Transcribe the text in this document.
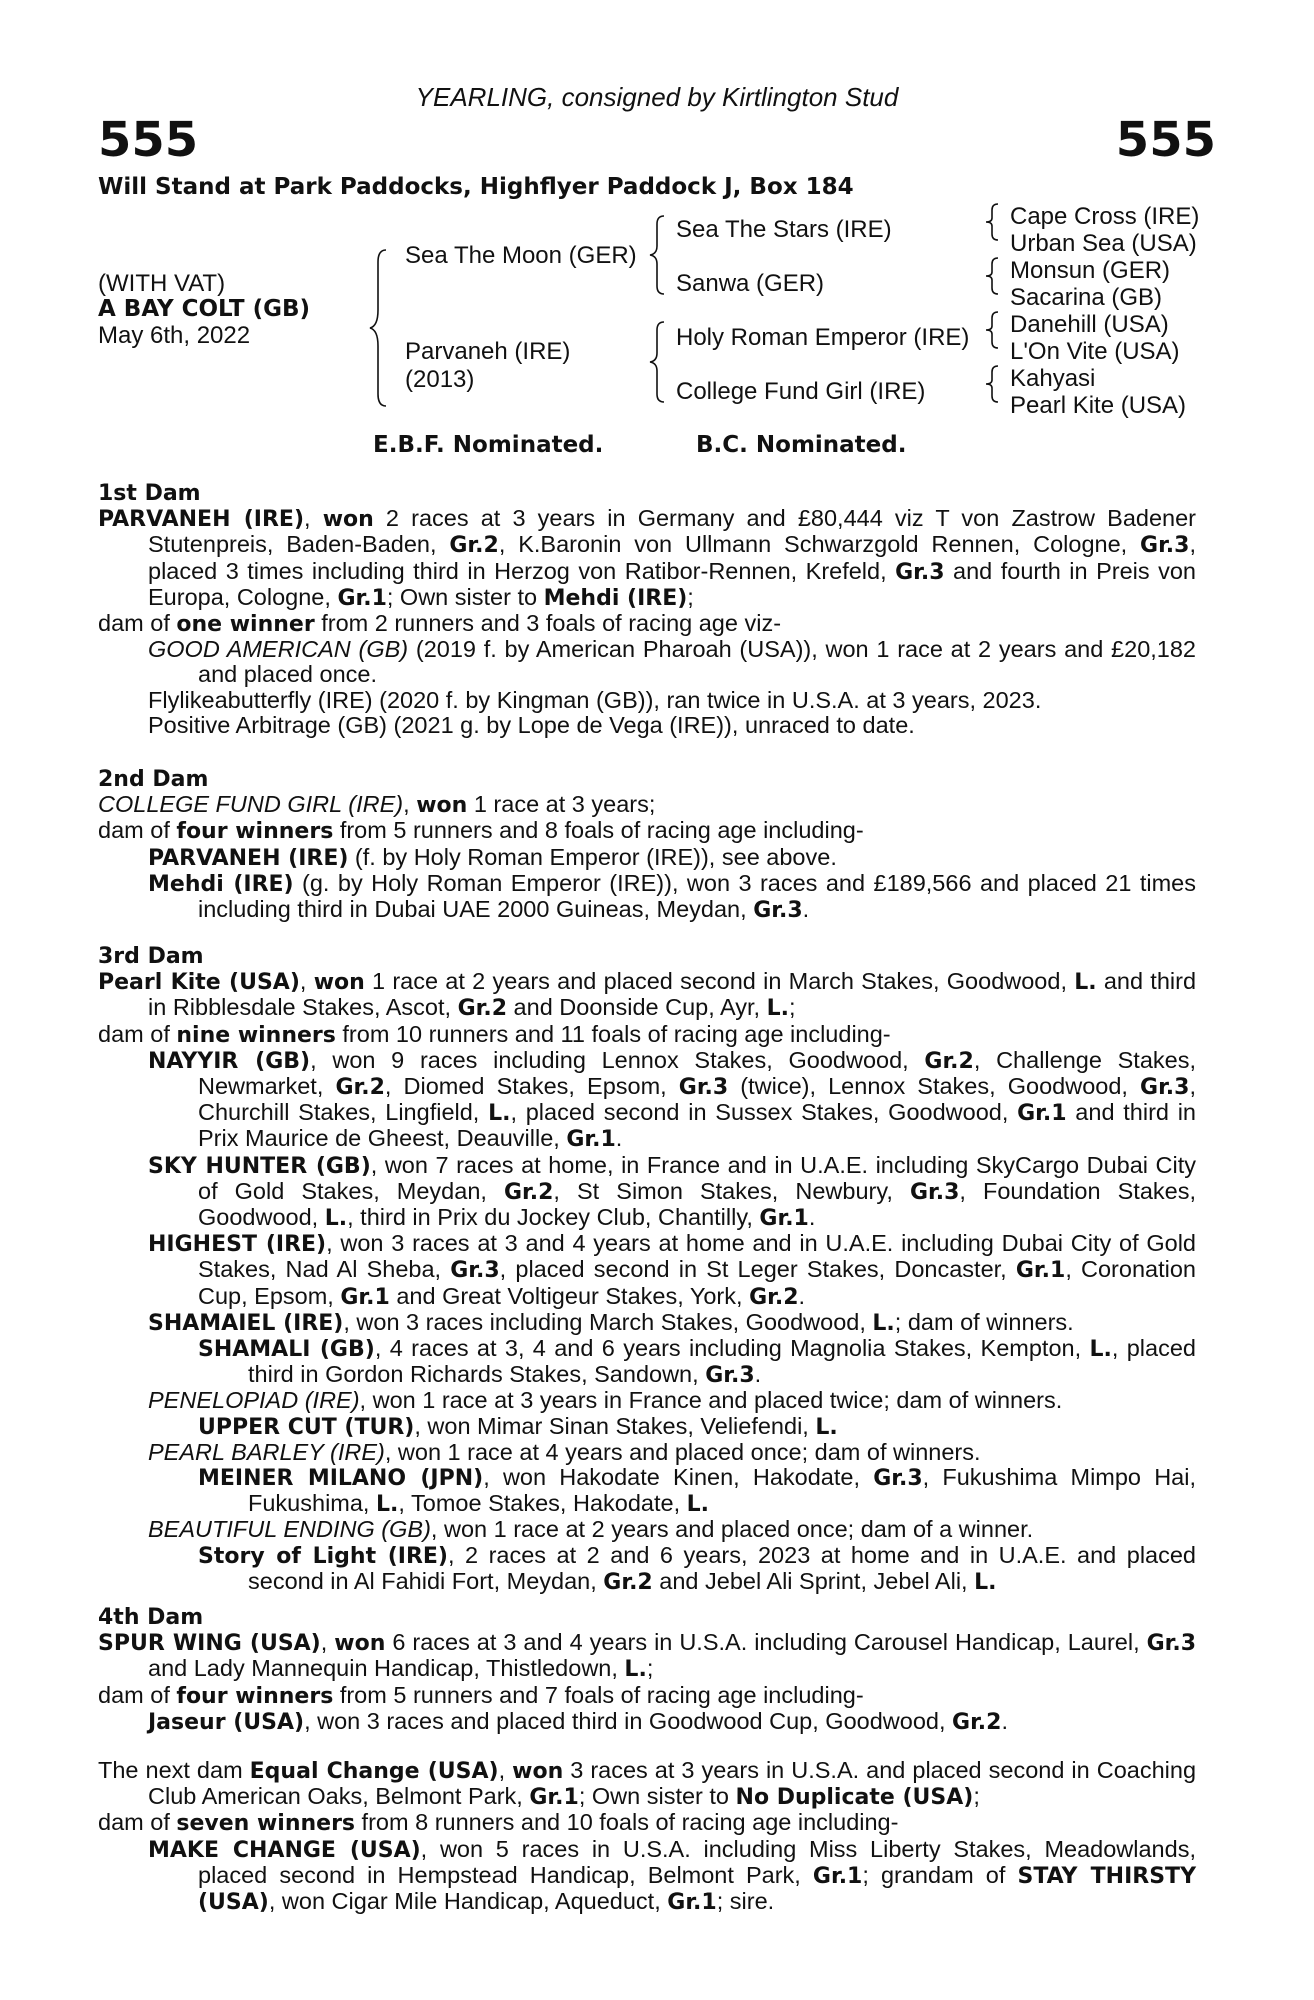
YEARLING, consigned by Kirtlington Stud

555	555

Will Stand at Park Paddocks, Highflyer Paddock J, Box 184

(WITH VAT)

A BAY COLT (GB)

May 6th, 2022

Sea The Moon (GER)

Parvaneh (IRE)

(2013)

Sea The Stars (IRE)

Sanwa (GER)

Holy Roman Emperor (IRE)

College Fund Girl (IRE)

Cape Cross (IRE)

Urban Sea (USA)

Monsun (GER)

Sacarina (GB)

Danehill (USA)

L'On Vite (USA)

Kahyasi

Pearl Kite (USA)

E.B.F. Nominated.	B.C. Nominated.

1st Dam

PARVANEH (IRE), won 2 races at 3 years in Germany and £80,444 viz T von Zastrow Badener Stutenpreis, Baden-Baden, Gr.2, K.Baronin von Ullmann Schwarzgold Rennen, Cologne, Gr.3, placed 3 times including third in Herzog von Ratibor-Rennen, Krefeld, Gr.3 and fourth in Preis von Europa, Cologne, Gr.1; Own sister to Mehdi (IRE);

dam of one winner from 2 runners and 3 foals of racing age viz-

GOOD AMERICAN (GB) (2019 f. by American Pharoah (USA)), won 1 race at 2 years and £20,182 and placed once.

Flylikeabutterfly (IRE) (2020 f. by Kingman (GB)), ran twice in U.S.A. at 3 years, 2023.

Positive Arbitrage (GB) (2021 g. by Lope de Vega (IRE)), unraced to date.

2nd Dam

COLLEGE FUND GIRL (IRE), won 1 race at 3 years;

dam of four winners from 5 runners and 8 foals of racing age including-

PARVANEH (IRE) (f. by Holy Roman Emperor (IRE)), see above.

Mehdi (IRE) (g. by Holy Roman Emperor (IRE)), won 3 races and £189,566 and placed 21 times including third in Dubai UAE 2000 Guineas, Meydan, Gr.3.

3rd Dam

Pearl Kite (USA), won 1 race at 2 years and placed second in March Stakes, Goodwood, L. and third in Ribblesdale Stakes, Ascot, Gr.2 and Doonside Cup, Ayr, L.;

dam of nine winners from 10 runners and 11 foals of racing age including-

NAYYIR (GB), won 9 races including Lennox Stakes, Goodwood, Gr.2, Challenge Stakes, Newmarket, Gr.2, Diomed Stakes, Epsom, Gr.3 (twice), Lennox Stakes, Goodwood, Gr.3, Churchill Stakes, Lingfield, L., placed second in Sussex Stakes, Goodwood, Gr.1 and third in Prix Maurice de Gheest, Deauville, Gr.1.

SKY HUNTER (GB), won 7 races at home, in France and in U.A.E. including SkyCargo Dubai City of Gold Stakes, Meydan, Gr.2, St Simon Stakes, Newbury, Gr.3, Foundation Stakes, Goodwood, L., third in Prix du Jockey Club, Chantilly, Gr.1.

HIGHEST (IRE), won 3 races at 3 and 4 years at home and in U.A.E. including Dubai City of Gold Stakes, Nad Al Sheba, Gr.3, placed second in St Leger Stakes, Doncaster, Gr.1, Coronation Cup, Epsom, Gr.1 and Great Voltigeur Stakes, York, Gr.2.

SHAMAIEL (IRE), won 3 races including March Stakes, Goodwood, L.; dam of winners.

SHAMALI (GB), 4 races at 3, 4 and 6 years including Magnolia Stakes, Kempton, L., placed third in Gordon Richards Stakes, Sandown, Gr.3.

PENELOPIAD (IRE), won 1 race at 3 years in France and placed twice; dam of winners.

UPPER CUT (TUR), won Mimar Sinan Stakes, Veliefendi, L.

PEARL BARLEY (IRE), won 1 race at 4 years and placed once; dam of winners.

MEINER MILANO (JPN), won Hakodate Kinen, Hakodate, Gr.3, Fukushima Mimpo Hai, Fukushima, L., Tomoe Stakes, Hakodate, L.

BEAUTIFUL ENDING (GB), won 1 race at 2 years and placed once; dam of a winner.

Story of Light (IRE), 2 races at 2 and 6 years, 2023 at home and in U.A.E. and placed second in Al Fahidi Fort, Meydan, Gr.2 and Jebel Ali Sprint, Jebel Ali, L.

4th Dam

SPUR WING (USA), won 6 races at 3 and 4 years in U.S.A. including Carousel Handicap, Laurel, Gr.3 and Lady Mannequin Handicap, Thistledown, L.;

dam of four winners from 5 runners and 7 foals of racing age including-

Jaseur (USA), won 3 races and placed third in Goodwood Cup, Goodwood, Gr.2.

The next dam Equal Change (USA), won 3 races at 3 years in U.S.A. and placed second in Coaching Club American Oaks, Belmont Park, Gr.1; Own sister to No Duplicate (USA);

dam of seven winners from 8 runners and 10 foals of racing age including-

MAKE CHANGE (USA), won 5 races in U.S.A. including Miss Liberty Stakes, Meadowlands, placed second in Hempstead Handicap, Belmont Park, Gr.1; grandam of STAY THIRSTY (USA), won Cigar Mile Handicap, Aqueduct, Gr.1; sire.
